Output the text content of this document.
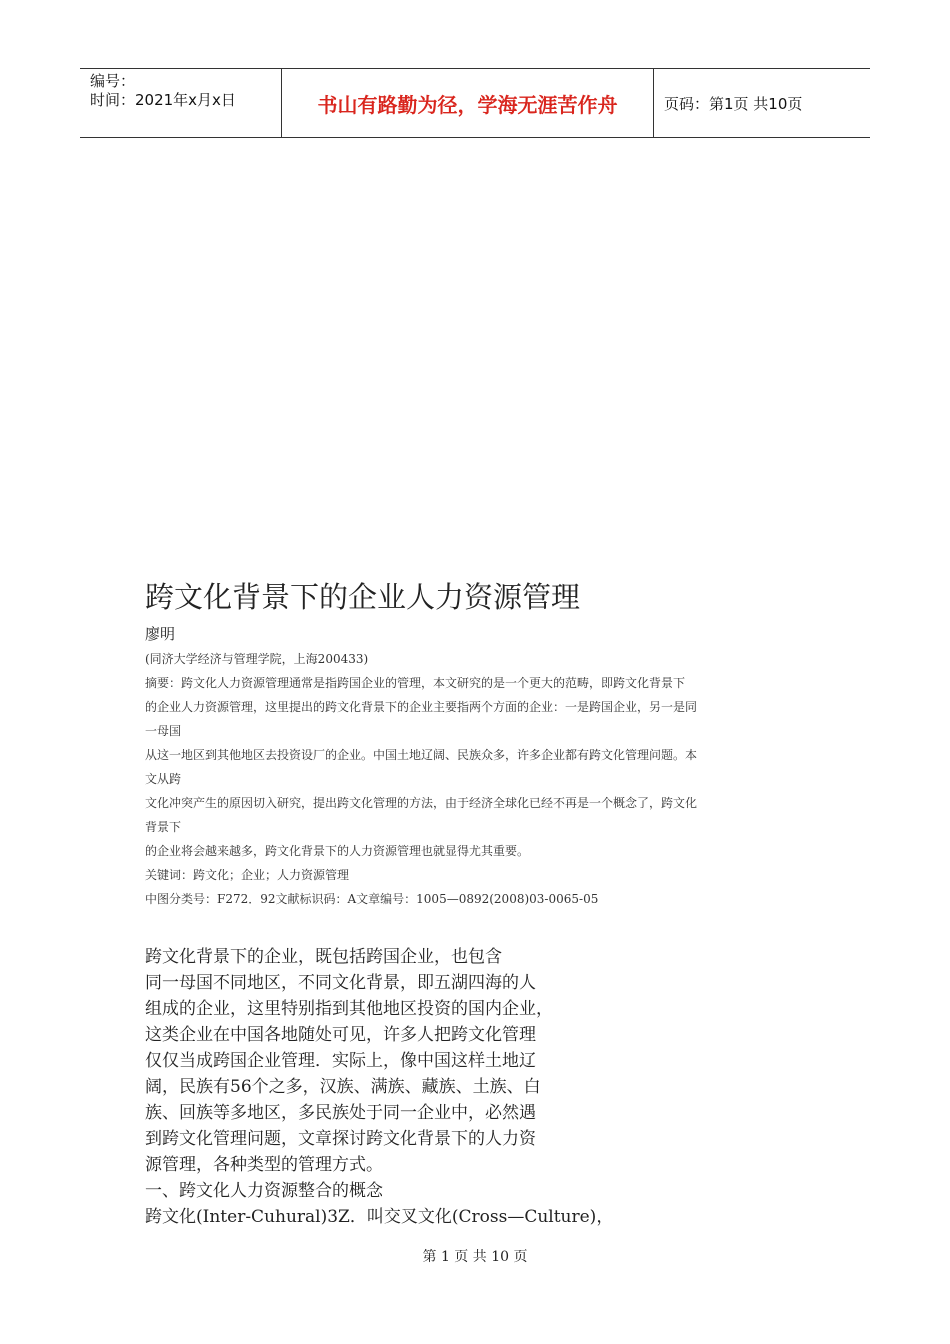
编号：
时间：2021年x月x日	书山有路勤为径，学海无涯苦作舟	页码：第1页 共10页
跨文化背景下的企业人力资源管理
廖明

(同济大学经济与管理学院，上海200433)

摘要：跨文化人力资源管理通常是指跨国企业的管理，本文研究的是一个更大的范畴，即跨文化背景下

的企业人力资源管理，这里提出的跨文化背景下的企业主要指两个方面的企业：一是跨国企业，另一是同

一母国

从这一地区到其他地区去投资设厂的企业。中国土地辽阔、民族众多，许多企业都有跨文化管理问题。本

文从跨

文化冲突产生的原因切入研究，提出跨文化管理的方法，由于经济全球化已经不再是一个概念了，跨文化

背景下

的企业将会越来越多，跨文化背景下的人力资源管理也就显得尤其重要。

关键词：跨文化；企业；人力资源管理

中图分类号：F272．92文献标识码：A文章编号：1005—0892(2008)03-0065-05

跨文化背景下的企业，既包括跨国企业，也包含

同一母国不同地区，不同文化背景，即五湖四海的人

组成的企业，这里特别指到其他地区投资的国内企业，

这类企业在中国各地随处可见，许多人把跨文化管理

仅仅当成跨国企业管理．实际上，像中国这样土地辽

阔，民族有56个之多，汉族、满族、藏族、土族、白

族、回族等多地区，多民族处于同一企业中，必然遇

到跨文化管理问题，文章探讨跨文化背景下的人力资

源管理，各种类型的管理方式。

一、跨文化人力资源整合的概念

跨文化(Inter-Cuhural)3Z．叫交叉文化(Cross—Culture)，

第 1 页 共 10 页
